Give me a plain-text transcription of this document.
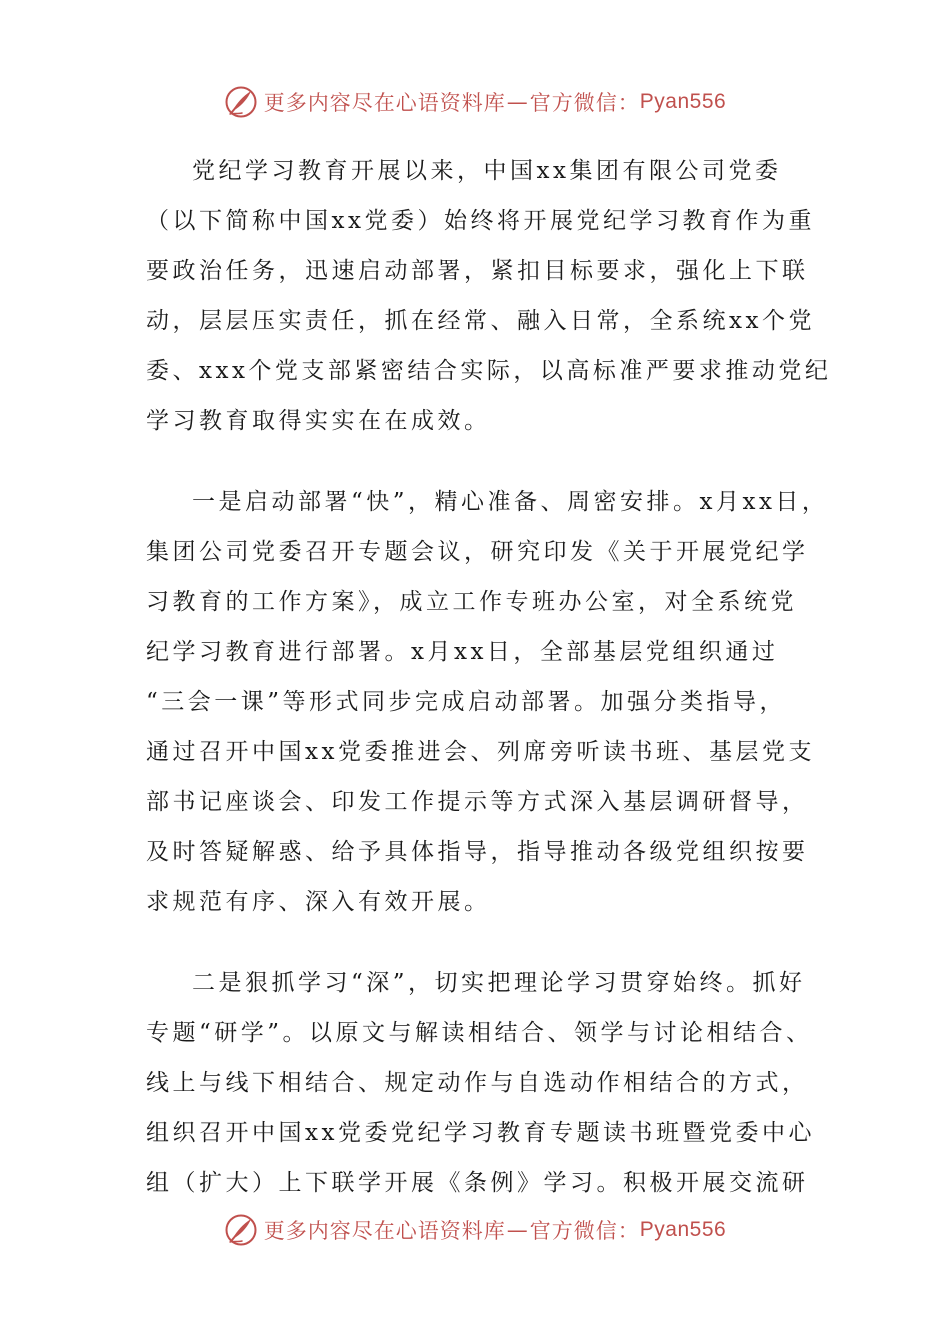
更多内容尽在心语资料库 — 官方微信： Pyan556
党纪学习教育开展以来，中国xx集团有限公司党委
（以下简称中国xx党委）始终将开展党纪学习教育作为重
要政治任务，迅速启动部署，紧扣目标要求，强化上下联
动，层层压实责任，抓在经常、融入日常，全系统xx个党
委、xxx个党支部紧密结合实际，以高标准严要求推动党纪
学习教育取得实实在在成效。
一是启动部署“快”，精心准备、周密安排。x月xx日，
集团公司党委召开专题会议，研究印发《关于开展党纪学
习教育的工作方案》，成立工作专班办公室，对全系统党
纪学习教育进行部署。x月xx日，全部基层党组织通过
“三会一课”等形式同步完成启动部署。加强分类指导，
通过召开中国xx党委推进会、列席旁听读书班、基层党支
部书记座谈会、印发工作提示等方式深入基层调研督导，
及时答疑解惑、给予具体指导，指导推动各级党组织按要
求规范有序、深入有效开展。
二是狠抓学习“深”，切实把理论学习贯穿始终。抓好
专题“研学”。以原文与解读相结合、领学与讨论相结合、
线上与线下相结合、规定动作与自选动作相结合的方式，
组织召开中国xx党委党纪学习教育专题读书班暨党委中心
组（扩大）上下联学开展《条例》学习。积极开展交流研
更多内容尽在心语资料库 — 官方微信： Pyan556
